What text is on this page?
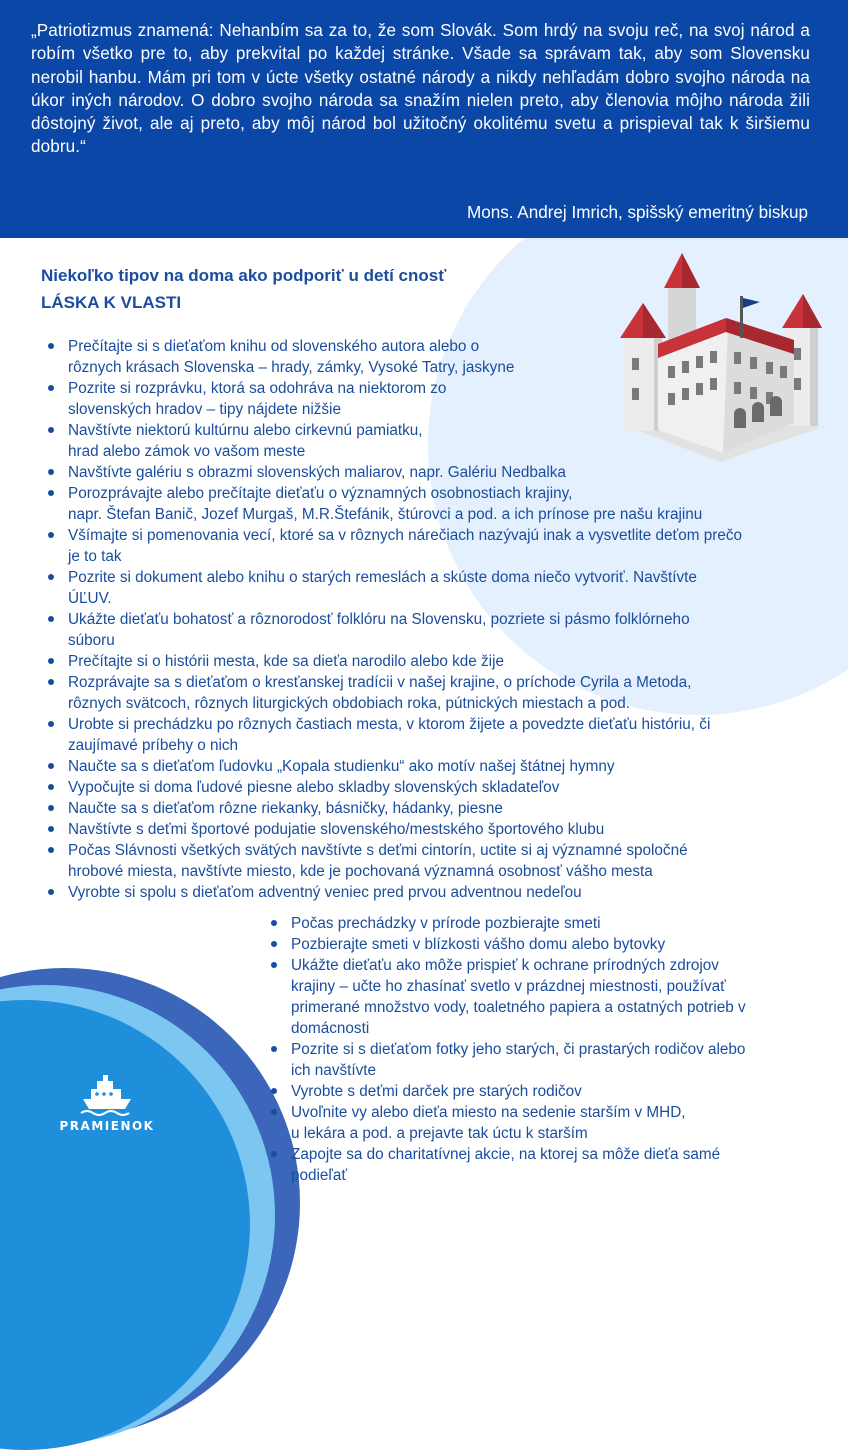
„Patriotizmus znamená: Nehanbím sa za to, že som Slovák. Som hrdý na svoju reč, na svoj národ a robím všetko pre to, aby prekvital po každej stránke. Všade sa správam tak, aby som Slovensku nerobil hanbu. Mám pri tom v úcte všetky ostatné národy a nikdy nehľadám dobro svojho národa na úkor iných národov. O dobro svojho národa sa snažím nielen preto, aby členovia môjho národa žili dôstojný život, ale aj preto, aby môj národ bol užitočný okolitému svetu a prispieval tak k širšiemu dobru.“

Mons. Andrej Imrich, spišský emeritný biskup

PRAMIENOK
Niekoľko tipov na doma ako podporiť u detí cnosť
LÁSKA K VLASTI
Prečítajte si s dieťaťom knihu od slovenského autora alebo o
rôznych krásach Slovenska – hrady, zámky, Vysoké Tatry, jaskyne
Pozrite si rozprávku, ktorá sa odohráva na niektorom zo
slovenských hradov – tipy nájdete nižšie
Navštívte niektorú kultúrnu alebo cirkevnú pamiatku,
hrad alebo zámok vo vašom meste
Navštívte galériu s obrazmi slovenských maliarov, napr. Galériu Nedbalka
Porozprávajte alebo prečítajte dieťaťu o významných osobnostiach krajiny,
napr. Štefan Banič, Jozef Murgaš, M.R.Štefánik, štúrovci a pod. a ich prínose pre našu krajinu
Všímajte si pomenovania vecí, ktoré sa v rôznych nárečiach nazývajú inak a vysvetlite deťom prečo
je to tak
Pozrite si dokument alebo knihu o starých remeslách a skúste doma niečo vytvoriť. Navštívte
ÚĽUV.
Ukážte dieťaťu bohatosť a rôznorodosť folklóru na Slovensku, pozriete si pásmo folklórneho
súboru
Prečítajte si o histórii mesta, kde sa dieťa narodilo alebo kde žije
Rozprávajte sa s dieťaťom o kresťanskej tradícii v našej krajine, o príchode Cyrila a Metoda,
rôznych svätcoch, rôznych liturgických obdobiach roka, pútnických miestach a pod.
Urobte si prechádzku po rôznych častiach mesta, v ktorom žijete a povedzte dieťaťu históriu, či
zaujímavé príbehy o nich
Naučte sa s dieťaťom ľudovku „Kopala studienku“ ako motív našej štátnej hymny
Vypočujte si doma ľudové piesne alebo skladby slovenských skladateľov
Naučte sa s dieťaťom rôzne riekanky, básničky, hádanky, piesne
Navštívte s deťmi športové podujatie slovenského/mestského športového klubu
Počas Slávnosti všetkých svätých navštívte s deťmi cintorín, uctite si aj významné spoločné
hrobové miesta, navštívte miesto, kde je pochovaná významná osobnosť vášho mesta
Vyrobte si spolu s dieťaťom adventný veniec pred prvou adventnou nedeľou
Počas prechádzky v prírode pozbierajte smeti
Pozbierajte smeti v blízkosti vášho domu alebo bytovky
Ukážte dieťaťu ako môže prispieť k ochrane prírodných zdrojov
krajiny – učte ho zhasínať svetlo v prázdnej miestnosti, používať
primerané množstvo vody, toaletného papiera a ostatných potrieb v
domácnosti
Pozrite si s dieťaťom fotky jeho starých, či prastarých rodičov alebo
ich navštívte
Vyrobte s deťmi darček pre starých rodičov
Uvoľnite vy alebo dieťa miesto na sedenie starším v MHD,
u lekára a pod. a prejavte tak úctu k starším
Zapojte sa do charitatívnej akcie, na ktorej sa môže dieťa samé
podieľať
